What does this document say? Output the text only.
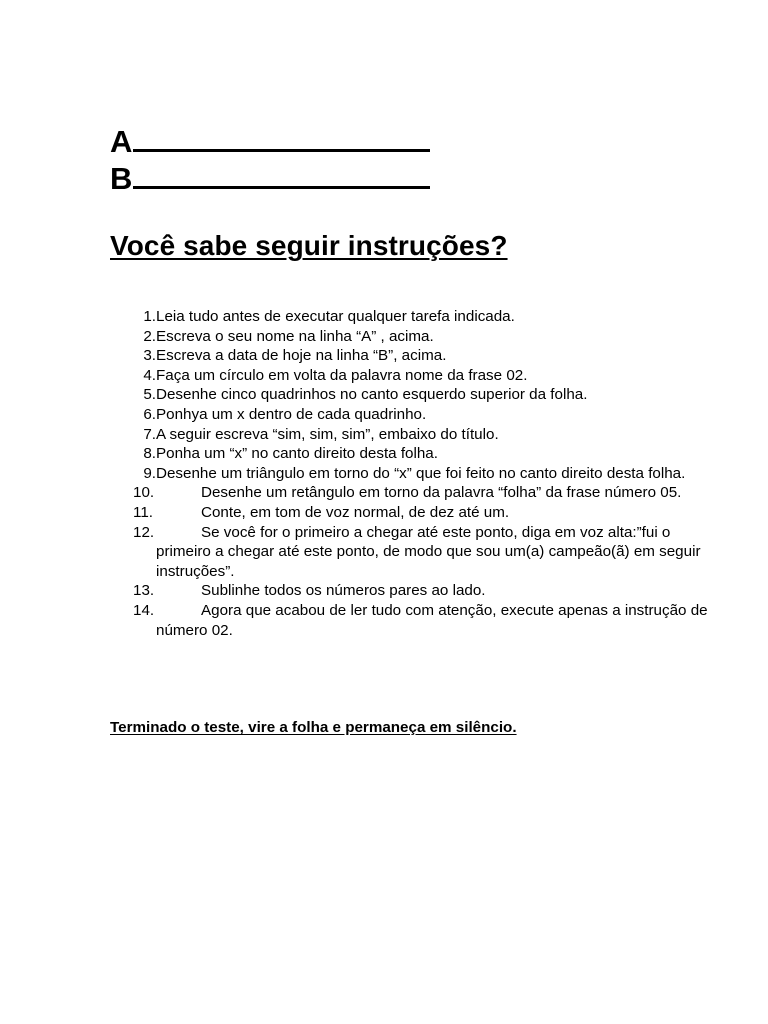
A
B
Você sabe seguir instruções?
1. Leia tudo antes de executar qualquer tarefa indicada.
2. Escreva o seu nome na linha “A” , acima.
3. Escreva a data de hoje na linha “B”, acima.
4. Faça um círculo em volta da palavra nome da frase 02.
5. Desenhe cinco quadrinhos no canto esquerdo superior da folha.
6. Ponhya um x dentro de cada quadrinho.
7. A seguir escreva “sim, sim, sim”, embaixo do título.
8. Ponha um “x” no canto direito desta folha.
9. Desenhe um triângulo em torno do “x” que foi feito no canto direito desta folha.
10.	Desenhe um retângulo em torno da palavra “folha” da frase número 05.
11.	Conte, em tom de voz normal, de dez até um.
12.	Se você for o primeiro a chegar até este ponto, diga em voz alta:”fui o primeiro a chegar até este ponto, de modo que sou um(a) campeão(ã) em seguir instruções”.
13.	Sublinhe todos os números pares ao lado.
14.	Agora que acabou de ler tudo com atenção, execute apenas a instrução de número 02.
Terminado o teste, vire a folha e permaneça em silêncio.
